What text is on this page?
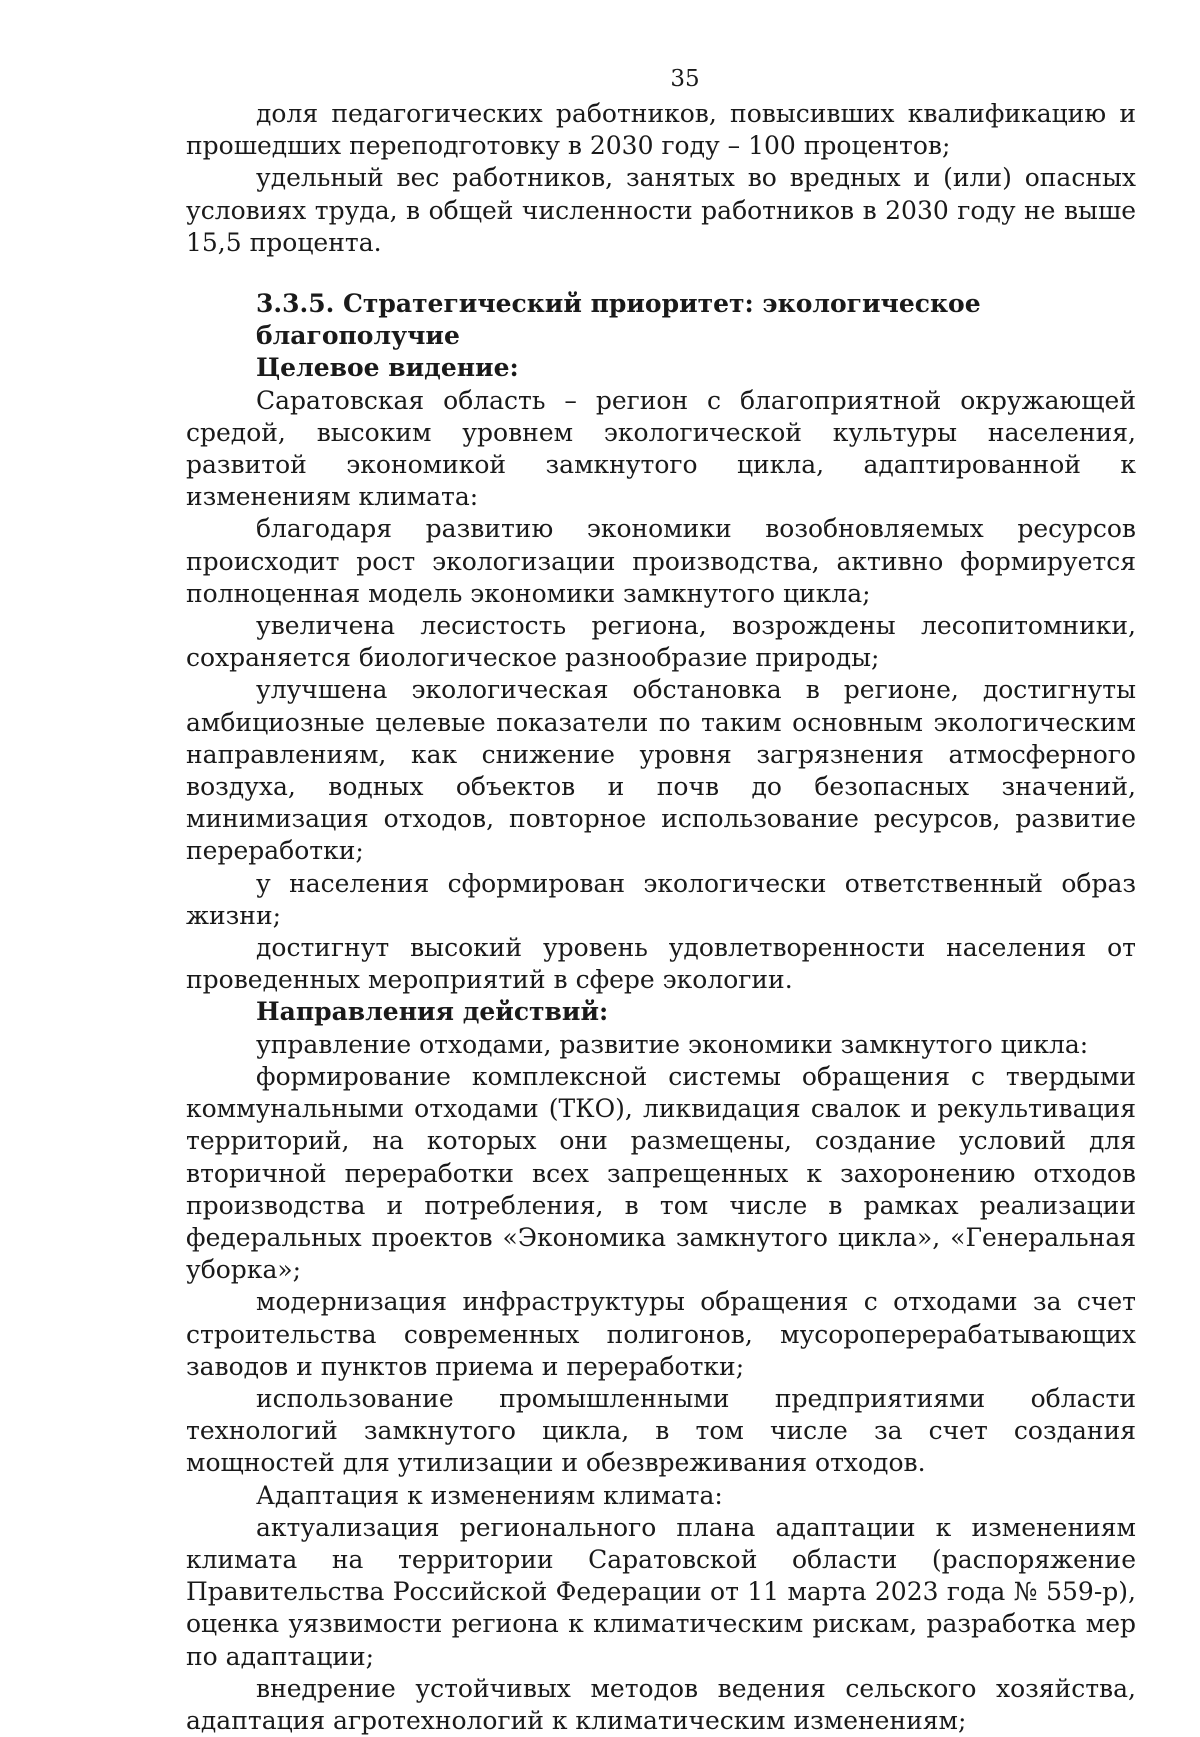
35

доля педагогических работников, повысивших квалификацию и прошедших переподготовку в 2030 году – 100 процентов;

удельный вес работников, занятых во вредных и (или) опасных условиях труда, в общей численности работников в 2030 году не выше 15,5 процента.

3.3.5. Стратегический приоритет: экологическое благополучие

Целевое видение:

Саратовская область – регион с благоприятной окружающей средой, высоким уровнем экологической культуры населения, развитой экономикой замкнутого цикла, адаптированной к изменениям климата:

благодаря развитию экономики возобновляемых ресурсов происходит рост экологизации производства, активно формируется полноценная модель экономики замкнутого цикла;

увеличена лесистость региона, возрождены лесопитомники, сохраняется биологическое разнообразие природы;

улучшена экологическая обстановка в регионе, достигнуты амбициозные целевые показатели по таким основным экологическим направлениям, как снижение уровня загрязнения атмосферного воздуха, водных объектов и почв до безопасных значений, минимизация отходов, повторное использование ресурсов, развитие переработки;

у населения сформирован экологически ответственный образ жизни;

достигнут высокий уровень удовлетворенности населения от проведенных мероприятий в сфере экологии.

Направления действий:

управление отходами, развитие экономики замкнутого цикла:

формирование комплексной системы обращения с твердыми коммунальными отходами (ТКО), ликвидация свалок и рекультивация территорий, на которых они размещены, создание условий для вторичной переработки всех запрещенных к захоронению отходов производства и потребления, в том числе в рамках реализации федеральных проектов «Экономика замкнутого цикла», «Генеральная уборка»;

модернизация инфраструктуры обращения с отходами за счет строительства современных полигонов, мусороперерабатывающих заводов и пунктов приема и переработки;

использование промышленными предприятиями области технологий замкнутого цикла, в том числе за счет создания мощностей для утилизации и обезвреживания отходов.

Адаптация к изменениям климата:

актуализация регионального плана адаптации к изменениям климата на территории Саратовской области (распоряжение Правительства Российской Федерации от 11 марта 2023 года № 559-р), оценка уязвимости региона к климатическим рискам, разработка мер по адаптации;

внедрение устойчивых методов ведения сельского хозяйства, адаптация агротехнологий к климатическим изменениям;
